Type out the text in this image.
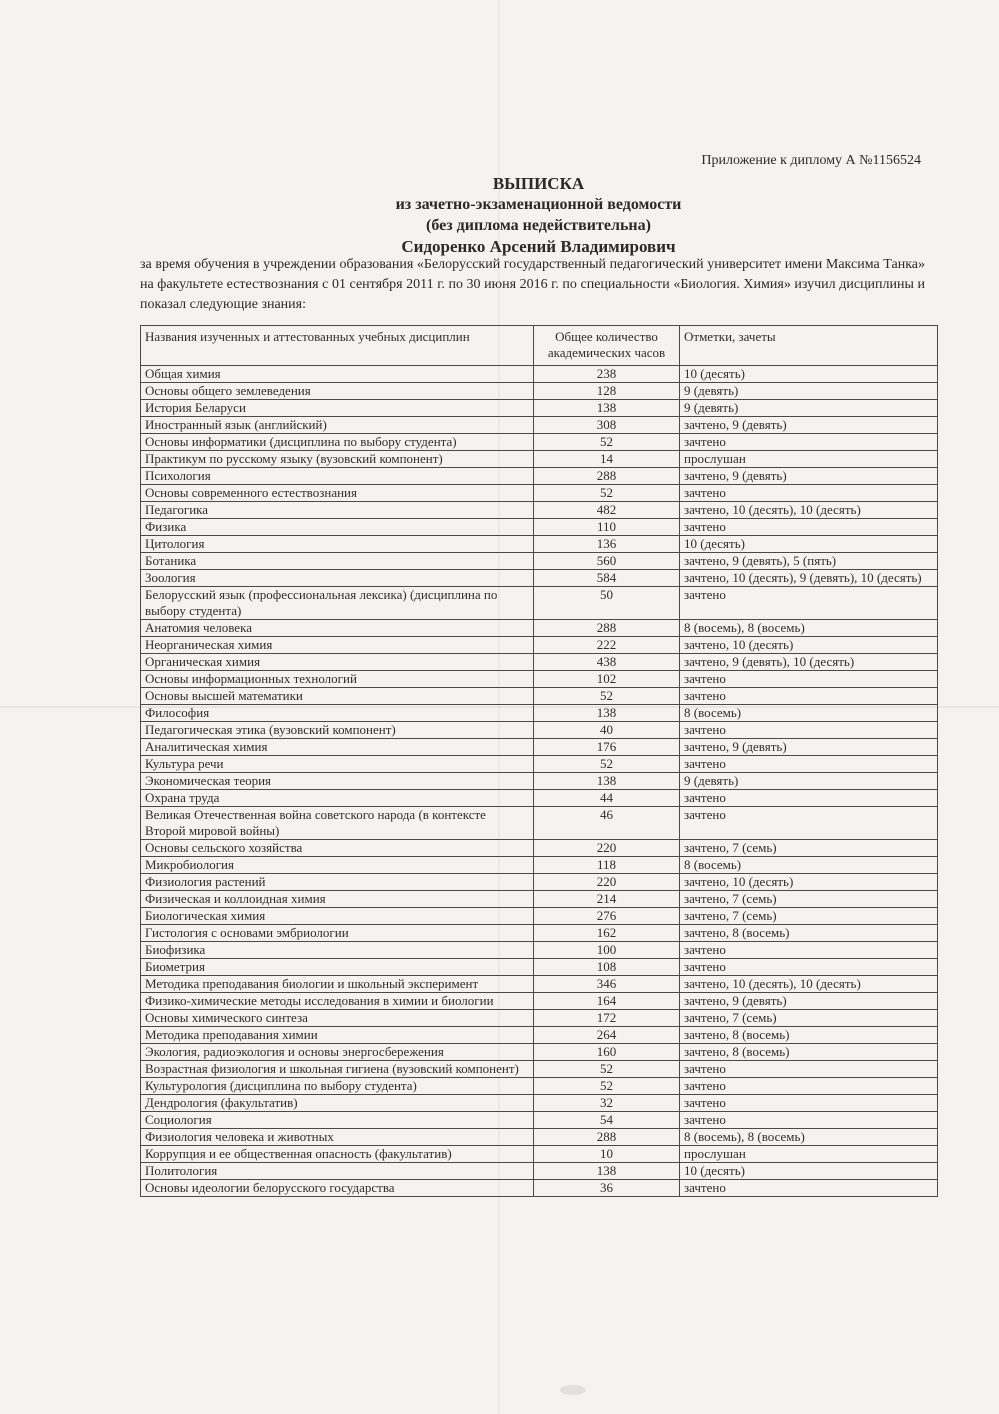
Приложение к диплому А №1156524
ВЫПИСКА
из зачетно-экзаменационной ведомости
(без диплома недействительна)
Сидоренко Арсений Владимирович
за время обучения в учреждении образования «Белорусский государственный педагогический университет имени Максима Танка» на факультете естествознания с 01 сентября 2011 г. по 30 июня 2016 г. по специальности «Биология. Химия» изучил дисциплины и показал следующие знания:
Названия изученных и аттестованных учебных дисциплин	Общее количество академических часов	Отметки, зачеты
Общая химия	238	10 (десять)
Основы общего землеведения	128	9 (девять)
История Беларуси	138	9 (девять)
Иностранный язык (английский)	308	зачтено, 9 (девять)
Основы информатики (дисциплина по выбору студента)	52	зачтено
Практикум по русскому языку (вузовский компонент)	14	прослушан
Психология	288	зачтено, 9 (девять)
Основы современного естествознания	52	зачтено
Педагогика	482	зачтено, 10 (десять), 10 (десять)
Физика	110	зачтено
Цитология	136	10 (десять)
Ботаника	560	зачтено, 9 (девять), 5 (пять)
Зоология	584	зачтено, 10 (десять), 9 (девять), 10 (десять)
Белорусский язык (профессиональная лексика) (дисциплина по выбору студента)	50	зачтено
Анатомия человека	288	8 (восемь), 8 (восемь)
Неорганическая химия	222	зачтено, 10 (десять)
Органическая химия	438	зачтено, 9 (девять), 10 (десять)
Основы информационных технологий	102	зачтено
Основы высшей математики	52	зачтено
Философия	138	8 (восемь)
Педагогическая этика (вузовский компонент)	40	зачтено
Аналитическая химия	176	зачтено, 9 (девять)
Культура речи	52	зачтено
Экономическая теория	138	9 (девять)
Охрана труда	44	зачтено
Великая Отечественная война советского народа (в контексте Второй мировой войны)	46	зачтено
Основы сельского хозяйства	220	зачтено, 7 (семь)
Микробиология	118	8 (восемь)
Физиология растений	220	зачтено, 10 (десять)
Физическая и коллоидная химия	214	зачтено, 7 (семь)
Биологическая химия	276	зачтено, 7 (семь)
Гистология с основами эмбриологии	162	зачтено, 8 (восемь)
Биофизика	100	зачтено
Биометрия	108	зачтено
Методика преподавания биологии и школьный эксперимент	346	зачтено, 10 (десять), 10 (десять)
Физико-химические методы исследования в химии и биологии	164	зачтено, 9 (девять)
Основы химического синтеза	172	зачтено, 7 (семь)
Методика преподавания химии	264	зачтено, 8 (восемь)
Экология, радиоэкология и основы энергосбережения	160	зачтено, 8 (восемь)
Возрастная физиология и школьная гигиена (вузовский компонент)	52	зачтено
Культурология (дисциплина по выбору студента)	52	зачтено
Дендрология (факультатив)	32	зачтено
Социология	54	зачтено
Физиология человека и животных	288	8 (восемь), 8 (восемь)
Коррупция и ее общественная опасность (факультатив)	10	прослушан
Политология	138	10 (десять)
Основы идеологии белорусского государства	36	зачтено
